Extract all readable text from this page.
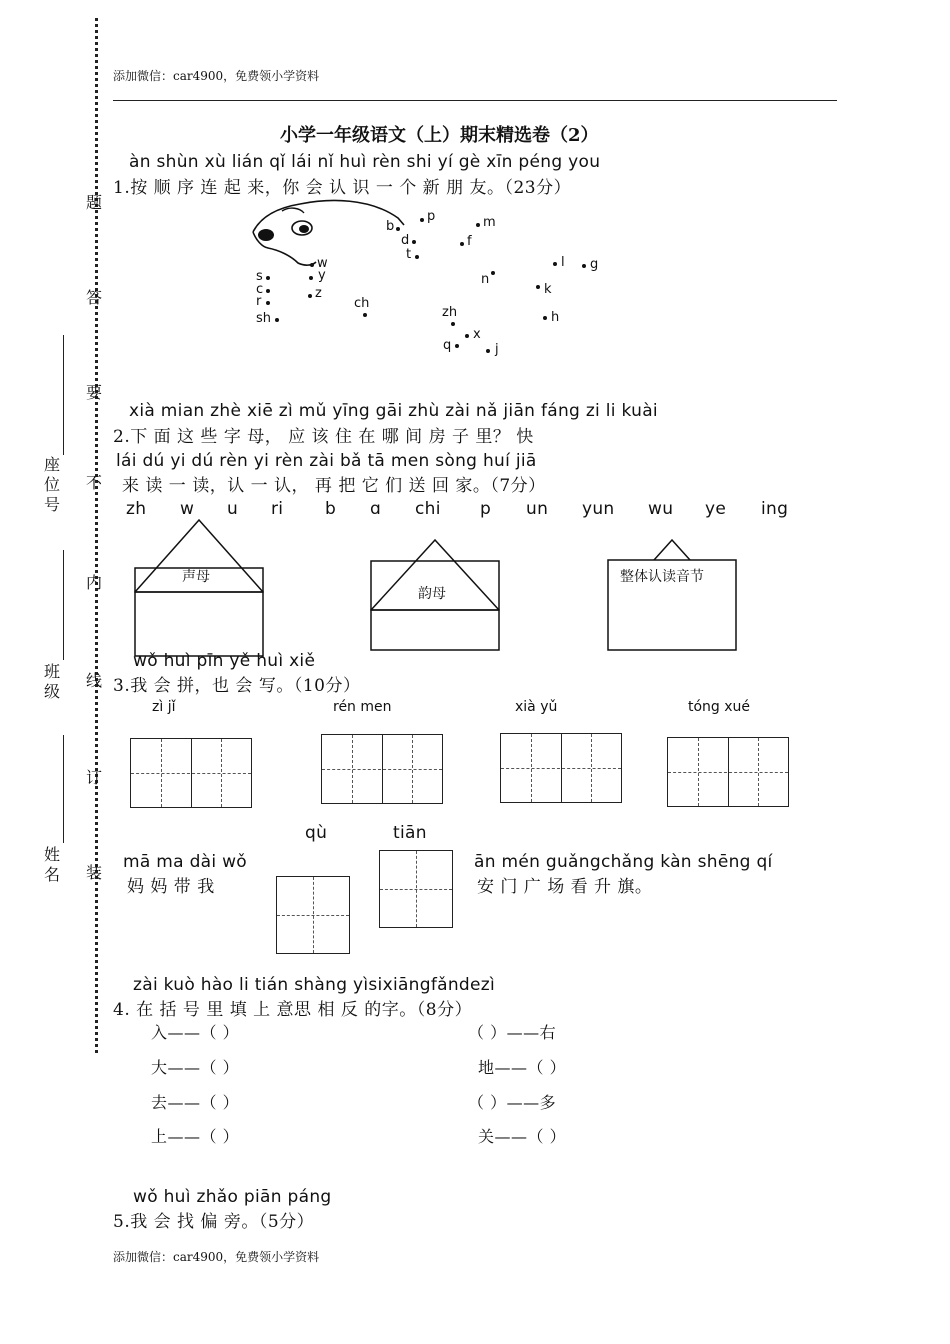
添加微信：car4900，免费领小学资料
题
答
要
不
内
线
订
装
座位号
班级
姓名
小学一年级语文（上）期末精选卷（2）
àn shùn xù lián qǐ lái nǐ huì rèn shi yí gè xīn péng you
1.按 顺 序 连 起 来，你 会 认 识 一 个 新 朋 友。（23分）
b
p	m
d	f
t
w
y
z
s
c
r
sh
ch
n
l g
k
h
zh
x
q	j
xià mian zhè xiē zì mǔ yīng gāi zhù zài nǎ jiān fáng zi li kuài
2.下 面 这 些 字 母， 应 该 住 在 哪 间 房 子 里？ 快
lái dú yi dú rèn yi rèn zài bǎ tā men sòng huí jiā
来 读 一 读，认 一 认， 再 把 它 们 送 回 家。（7分）
zh w u ri b ɑ chi p un yun wu ye ing
声母
韵母
整体认读音节
wǒ huì pīn yě huì xiě
3.我 会 拼，也 会 写。（10分）
zì jǐ	rén men	xià yǔ	tóng xué
qù	tiān
mā ma dài wǒ
妈 妈 带 我
ān mén guǎngchǎng kàn shēng qí
安 门 广 场 看 升 旗。
zài kuò hào li tián shàng yìsixiāngfǎndezì
4. 在 括 号 里 填 上 意思 相 反 的字。（8分）
入——（ ）	（ ）——右
大——（ ）	地——（ ）
去——（ ）	（ ）——多
上——（ ）	关——（ ）
wǒ huì zhǎo piān páng
5.我 会 找 偏 旁。（5分）
添加微信：car4900，免费领小学资料
